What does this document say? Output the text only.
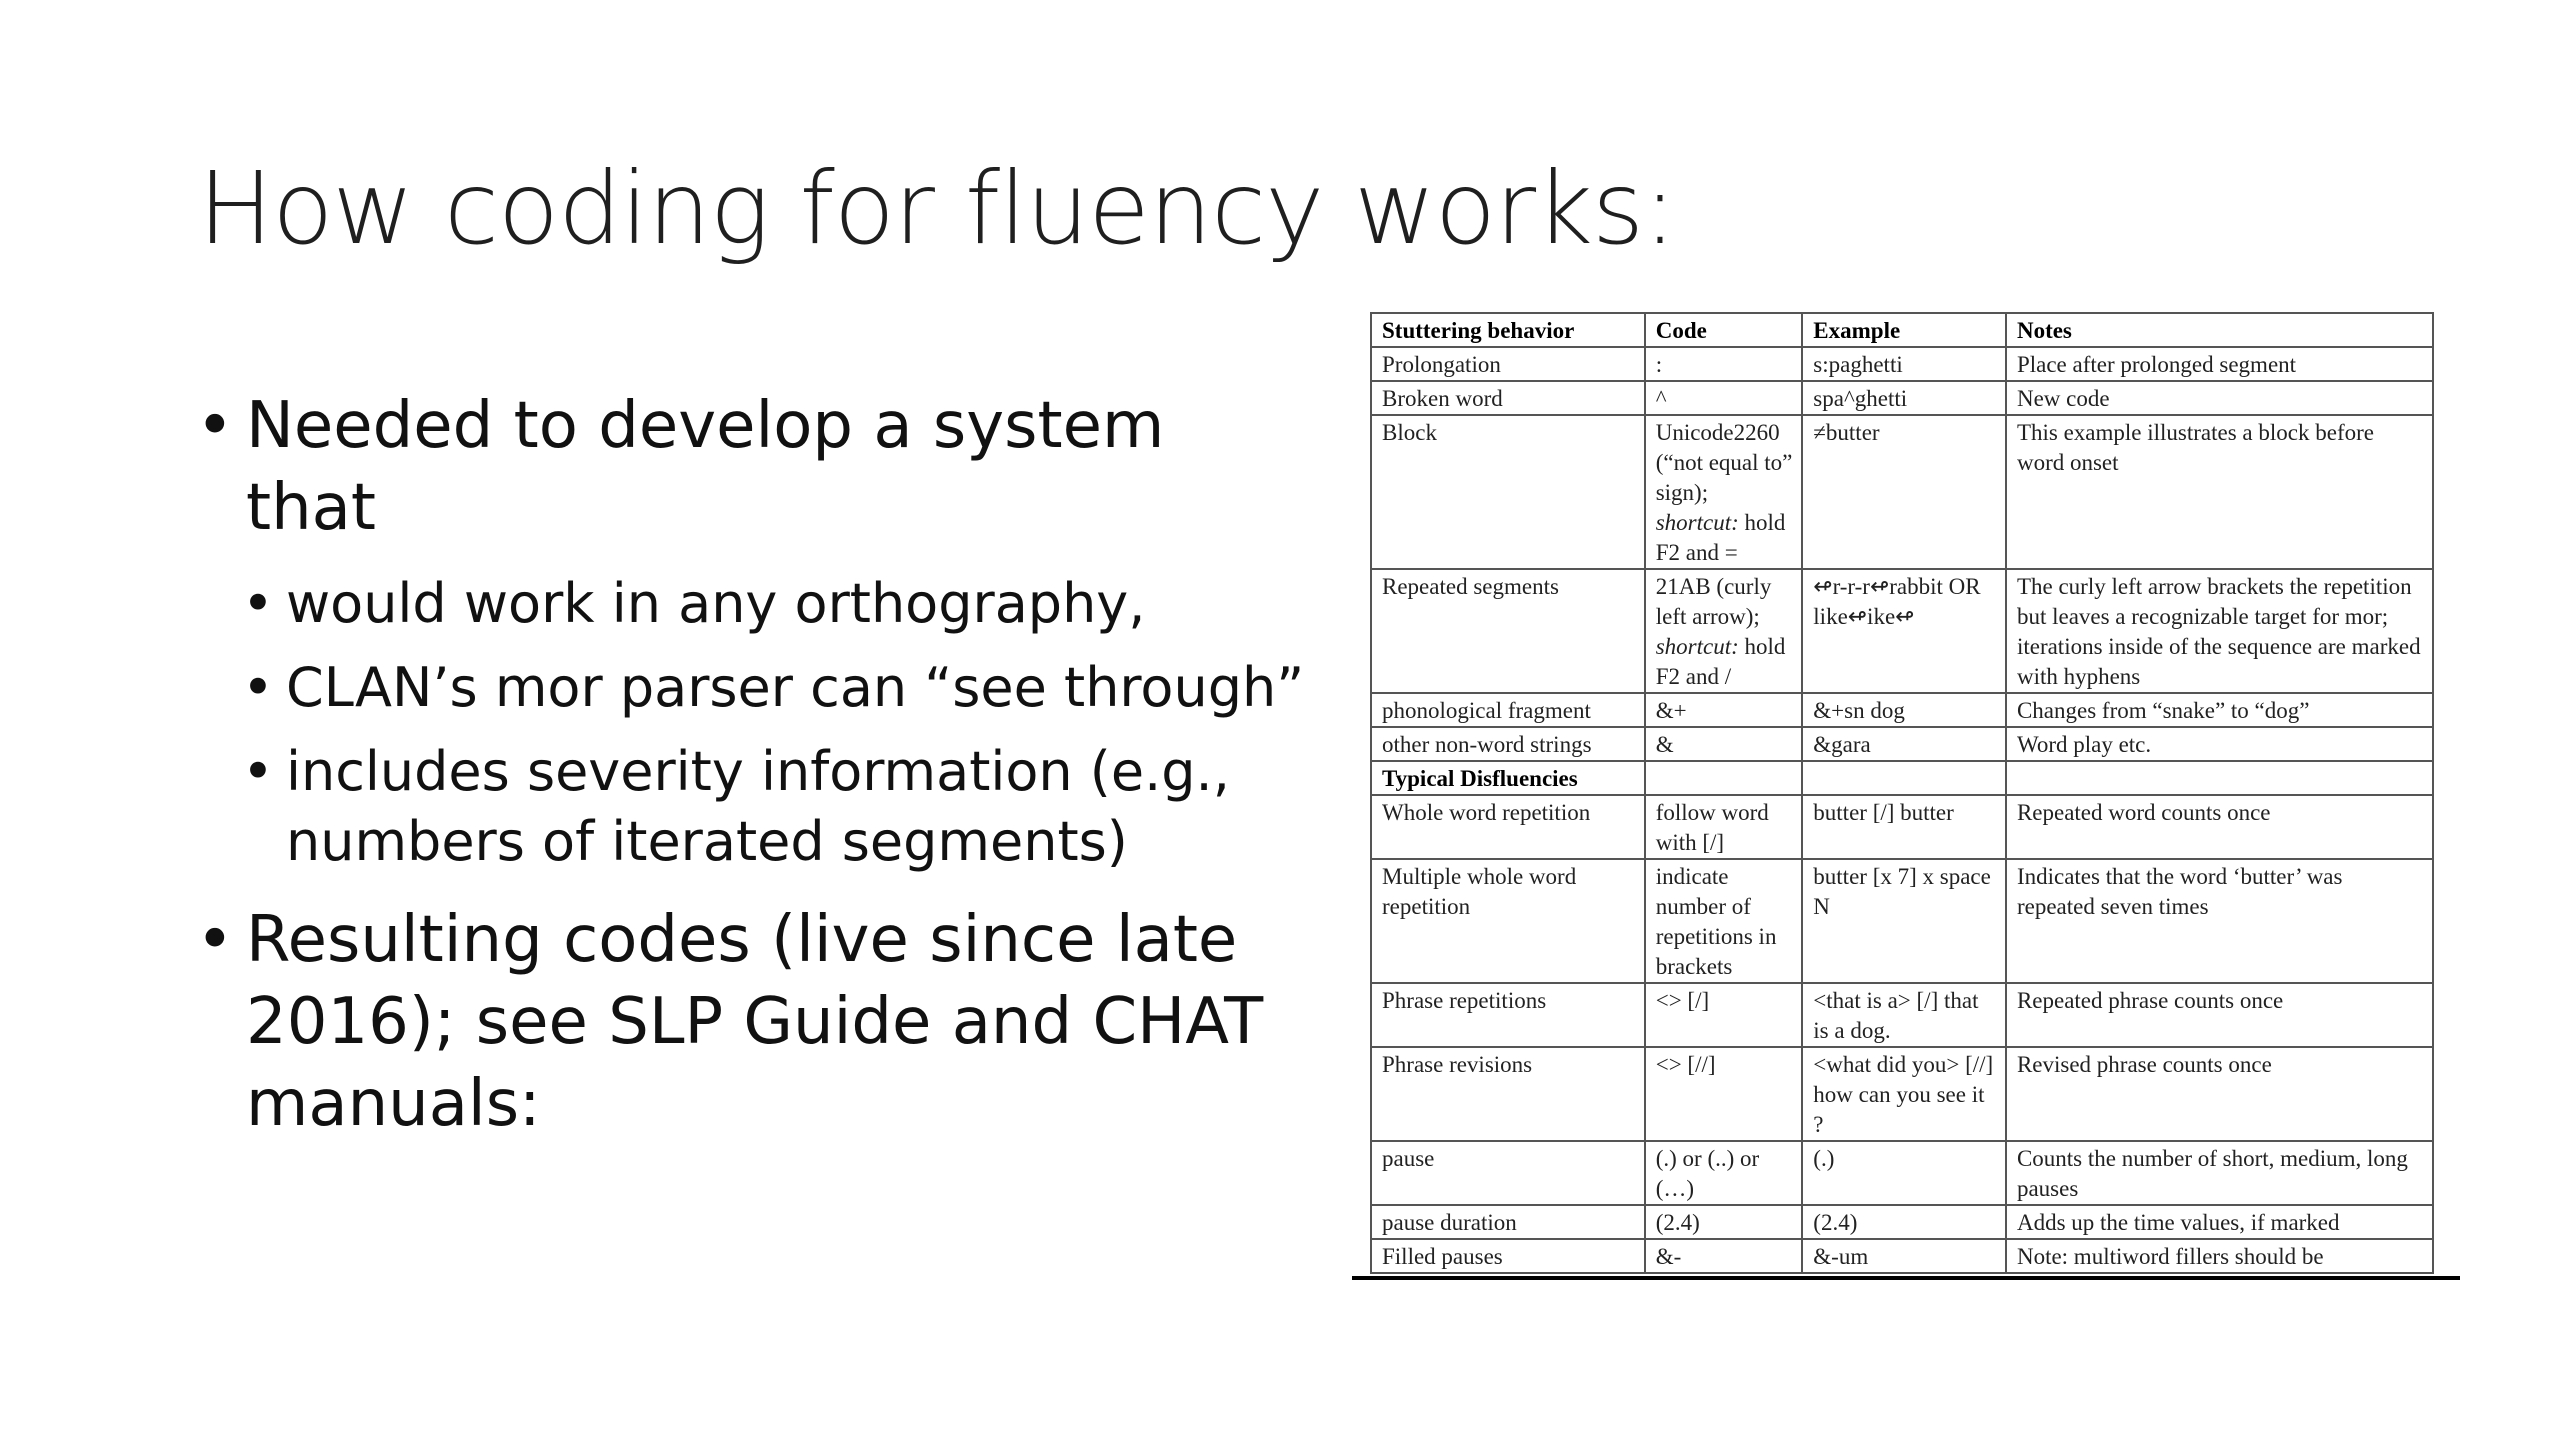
How coding for fluency works:
• Needed to develop a system that
• would work in any orthography,
• CLAN’s mor parser can “see through”
• includes severity information (e.g., numbers of iterated segments)
• Resulting codes (live since late 2016); see SLP Guide and CHAT manuals:
Stuttering behavior	Code	Example	Notes
Prolongation	:	s:paghetti	Place after prolonged segment
Broken word	^	spa^ghetti	New code
Block	Unicode2260 (“not equal to” sign); shortcut: hold F2 and =	≠butter	This example illustrates a block before word onset
Repeated segments	21AB (curly left arrow); shortcut: hold F2 and /	↫r-r-r↫rabbit OR like↫ike↫	The curly left arrow brackets the repetition but leaves a recognizable target for mor; iterations inside of the sequence are marked with hyphens
phonological fragment	&+	&+sn dog	Changes from “snake” to “dog”
other non-word strings	&	&gara	Word play etc.
Typical Disfluencies			
Whole word repetition	follow word with [/]	butter [/] butter	Repeated word counts once
Multiple whole word repetition	indicate number of repetitions in brackets	butter [x 7] x space N	Indicates that the word ‘butter’ was repeated seven times
Phrase repetitions	<> [/]	<that is a> [/] that is a dog.	Repeated phrase counts once
Phrase revisions	<> [//]	<what did you> [//] how can you see it ?	Revised phrase counts once
pause	(.) or (..) or (…)	(.)	Counts the number of short, medium, long pauses
pause duration	(2.4)	(2.4)	Adds up the time values, if marked
Filled pauses	&-	&-um	Note: multiword fillers should be
